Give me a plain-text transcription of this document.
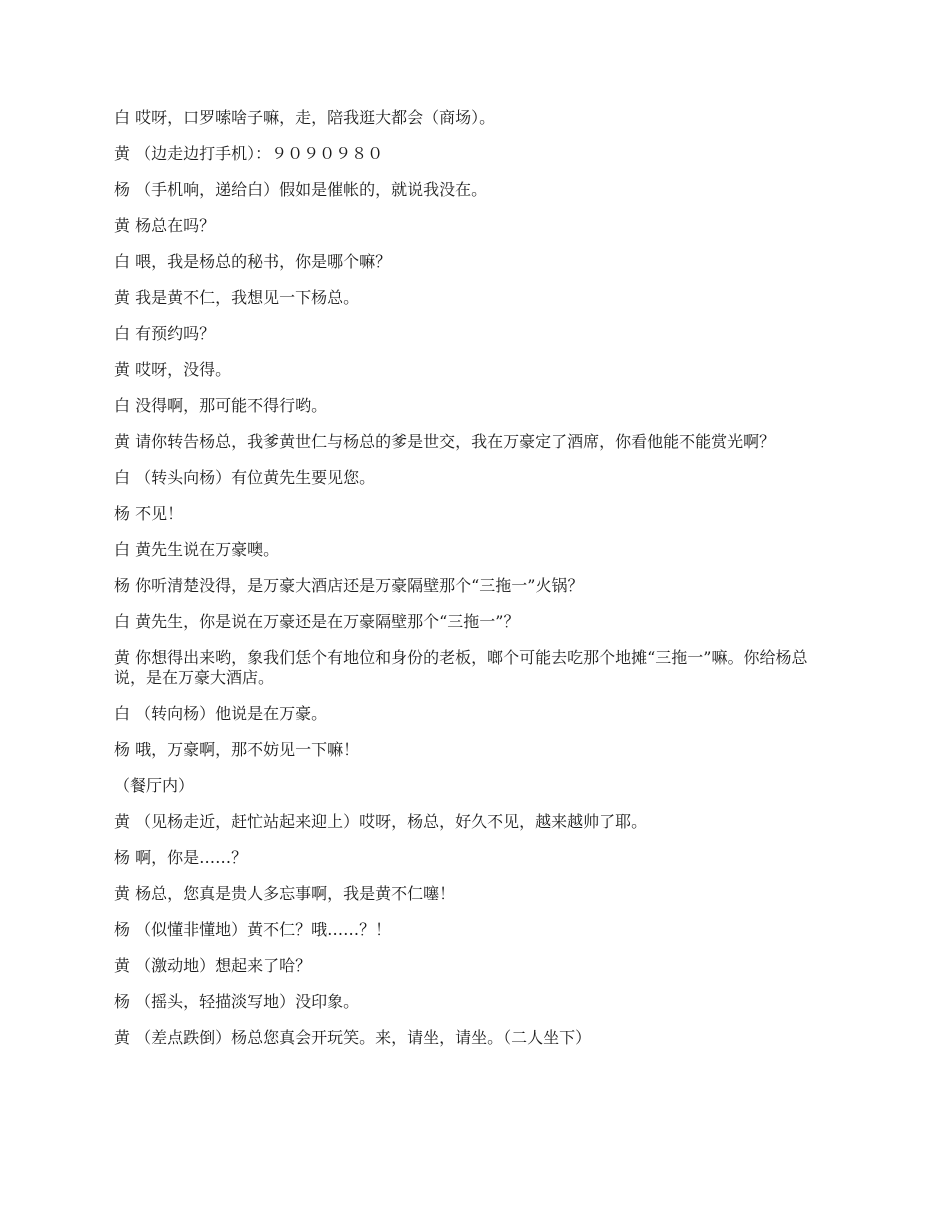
白 哎呀，口罗嗦啥子嘛，走，陪我逛大都会（商场）。
黄 （边走边打手机）：９０９０９８０
杨 （手机响，递给白）假如是催帐的，就说我没在。
黄 杨总在吗？
白 喂，我是杨总的秘书，你是哪个嘛？
黄 我是黄不仁，我想见一下杨总。
白 有预约吗？
黄 哎呀，没得。
白 没得啊，那可能不得行哟。
黄 请你转告杨总，我爹黄世仁与杨总的爹是世交，我在万豪定了酒席，你看他能不能赏光啊？
白 （转头向杨）有位黄先生要见您。
杨 不见！
白 黄先生说在万豪噢。
杨 你听清楚没得，是万豪大酒店还是万豪隔壁那个“三拖一”火锅？
白 黄先生，你是说在万豪还是在万豪隔壁那个“三拖一”？
黄 你想得出来哟，象我们恁个有地位和身份的老板，啷个可能去吃那个地摊“三拖一”嘛。你给杨总说，是在万豪大酒店。
白 （转向杨）他说是在万豪。
杨 哦，万豪啊，那不妨见一下嘛！
（餐厅内）
黄 （见杨走近，赶忙站起来迎上）哎呀，杨总，好久不见，越来越帅了耶。
杨 啊，你是……？
黄 杨总，您真是贵人多忘事啊，我是黄不仁噻！
杨 （似懂非懂地）黄不仁？哦……？！
黄 （激动地）想起来了哈？
杨 （摇头，轻描淡写地）没印象。
黄 （差点跌倒）杨总您真会开玩笑。来，请坐，请坐。（二人坐下）
